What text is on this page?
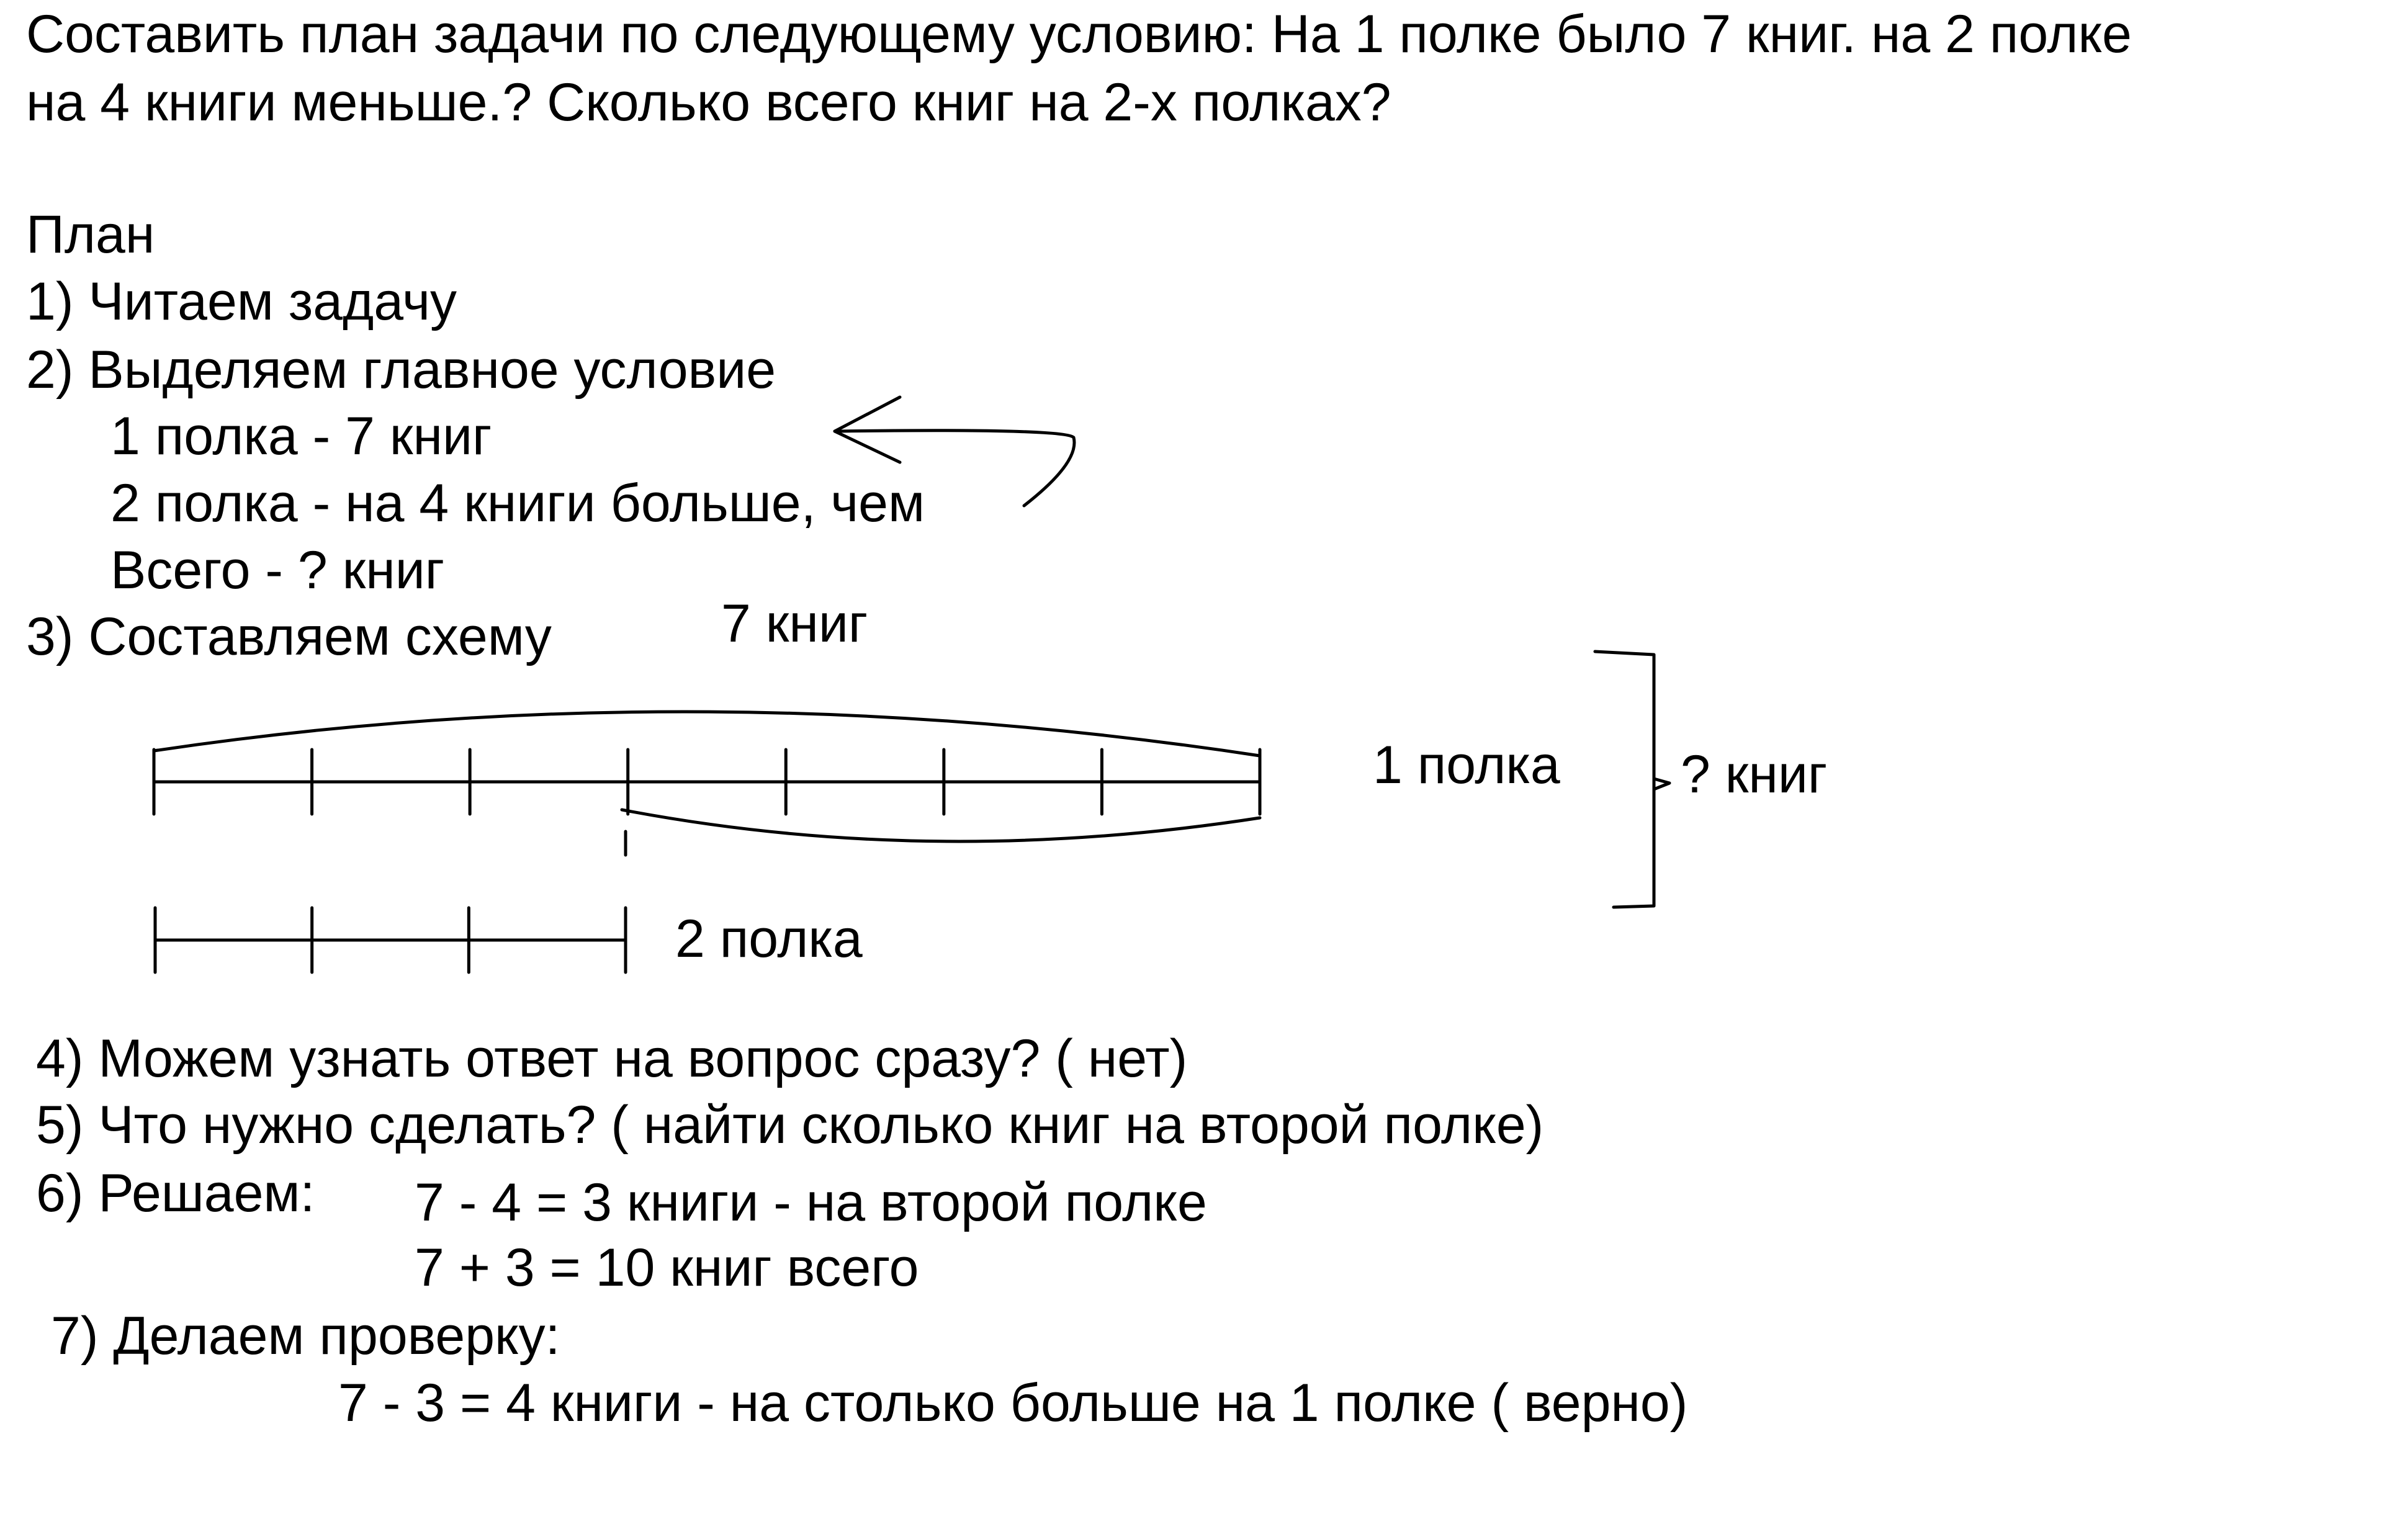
Составить план задачи по следующему условию: На 1 полке было 7 книг. на 2 полке
на 4 книги меньше.? Сколько всего книг на 2-х полках?
План
1) Читаем задачу
2) Выделяем главное условие
1 полка - 7 книг
2 полка - на 4 книги больше, чем
Всего - ? книг
3) Составляем схему	7 книг
1 полка ? книг
2 полка
4) Можем узнать ответ на вопрос сразу? ( нет)
5) Что нужно сделать? ( найти сколько книг на второй полке)
6) Решаем: 7 - 4 = 3 книги - на второй полке
7 + 3 = 10 книг всего
7) Делаем проверку:
7 - 3 = 4 книги - на столько больше на 1 полке ( верно)
